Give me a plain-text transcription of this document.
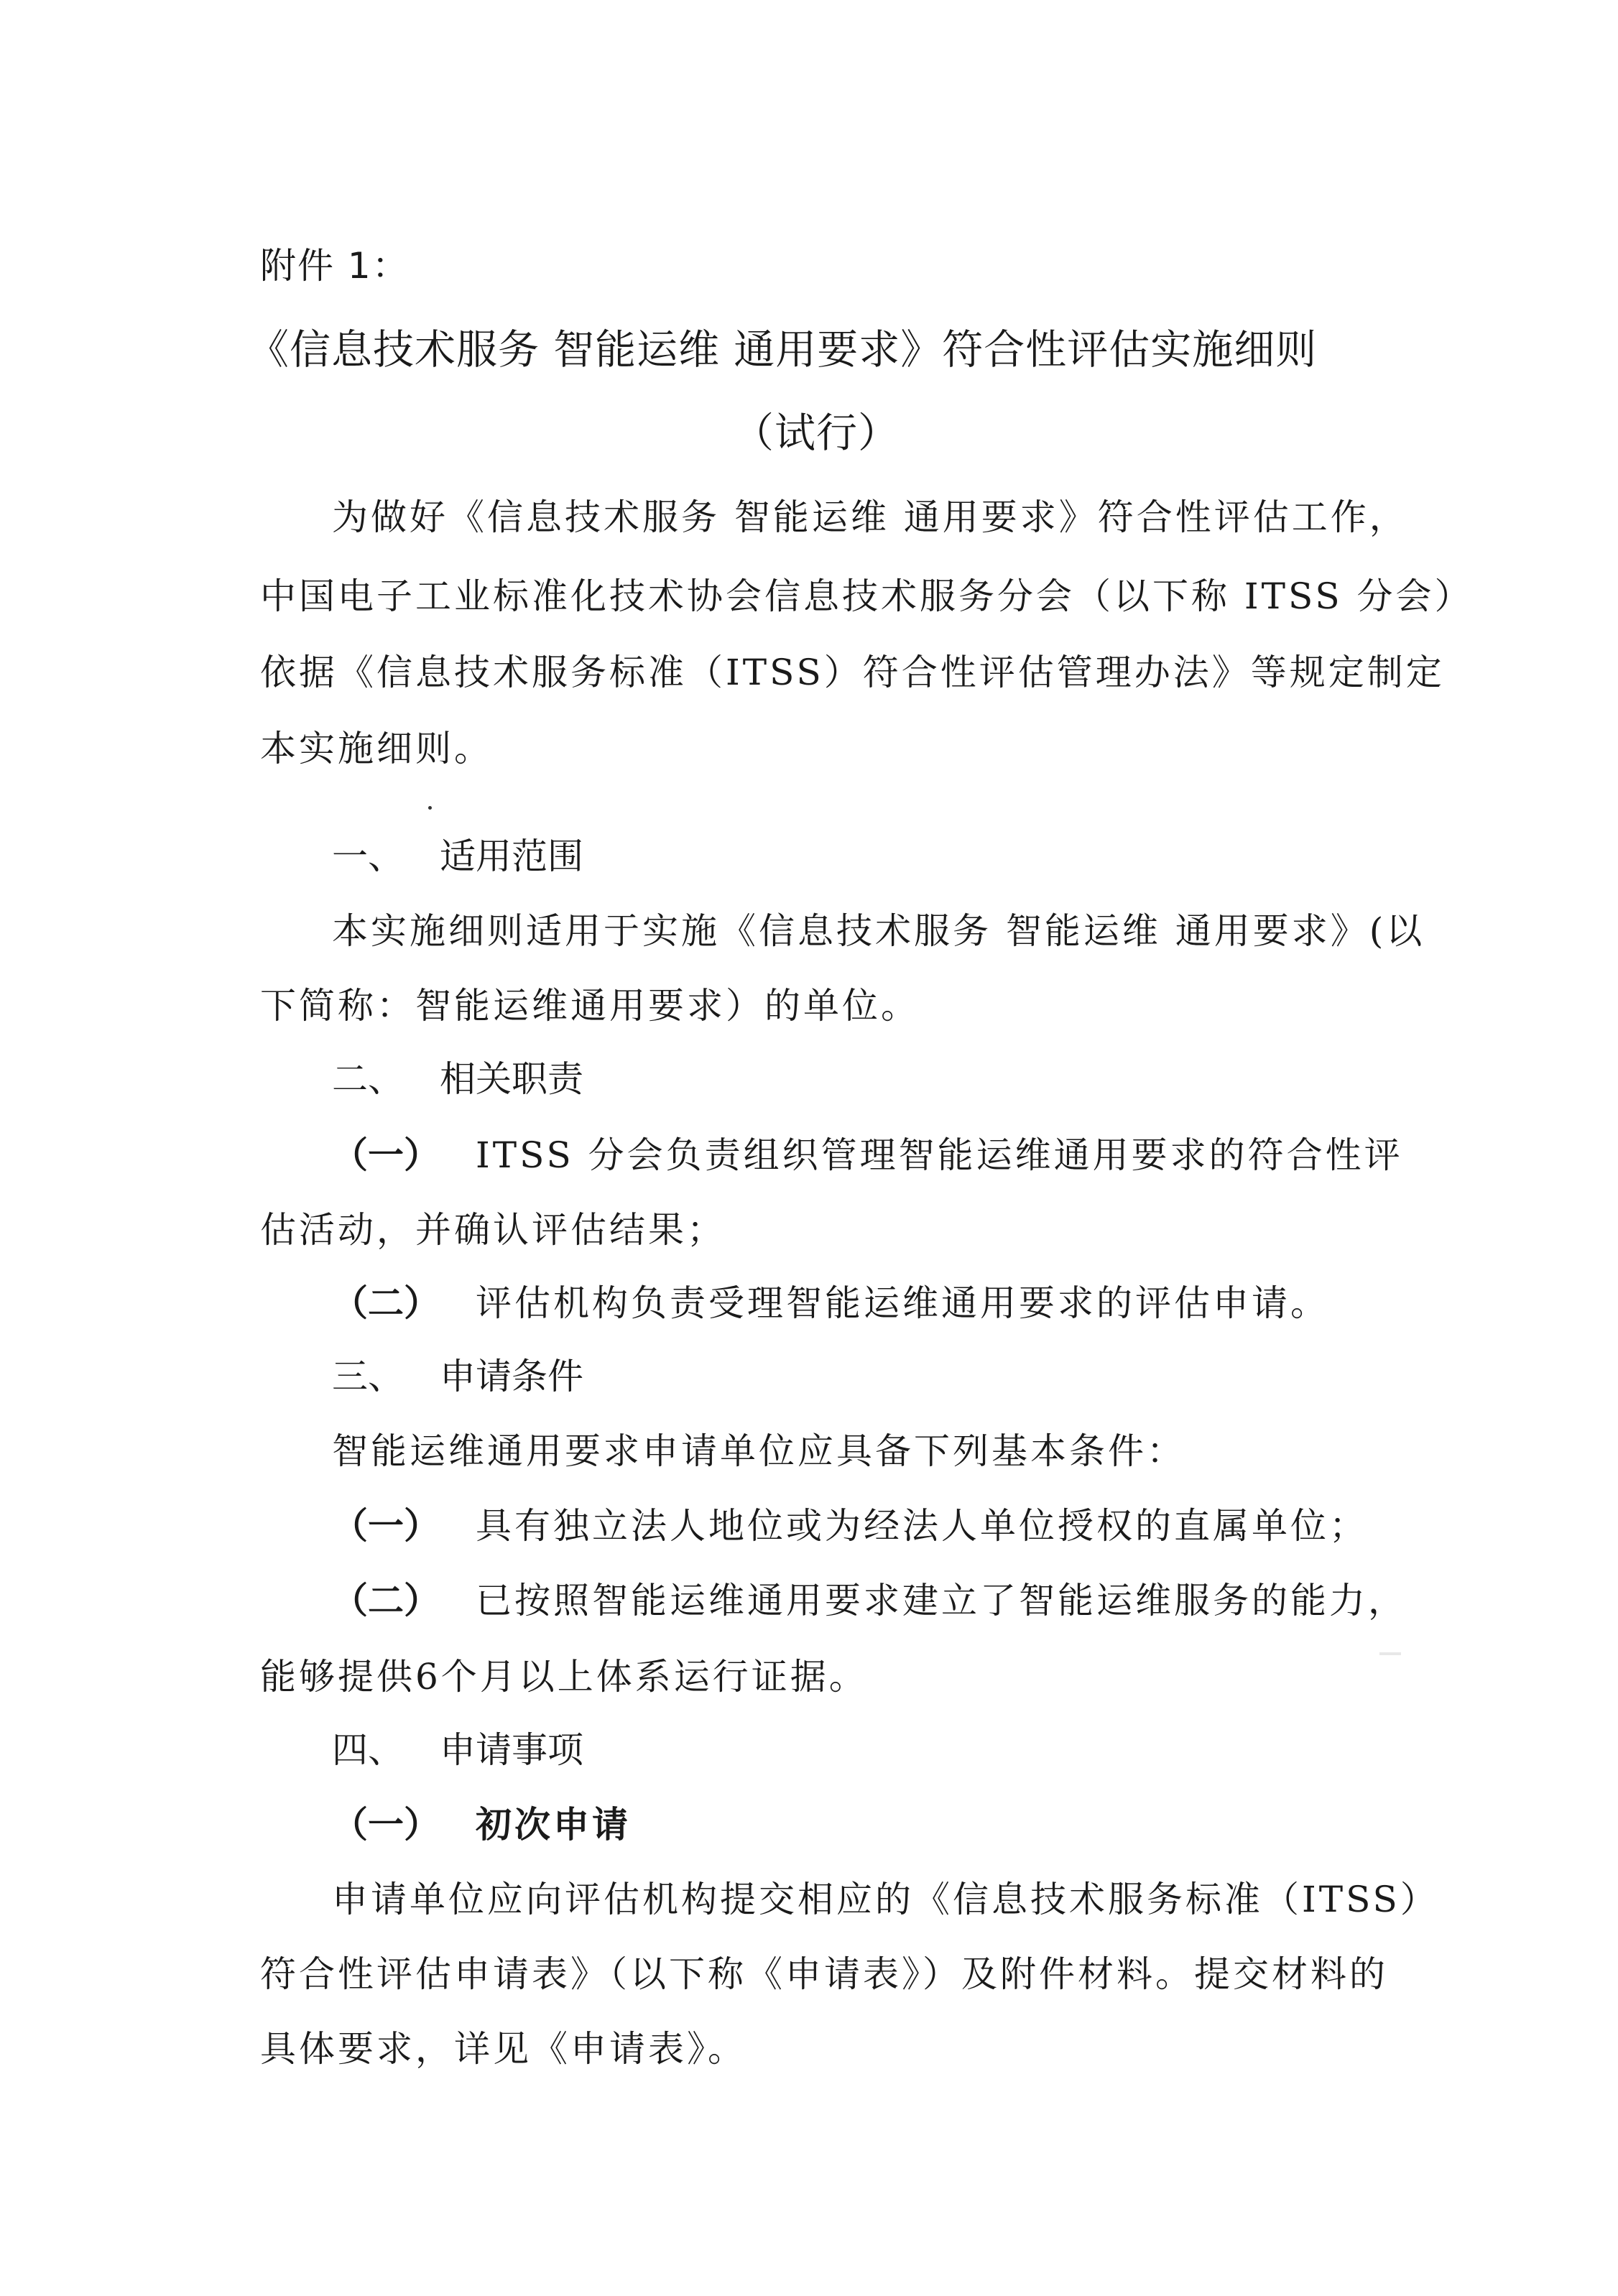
附件 1：
《信息技术服务 智能运维 通用要求》符合性评估实施细则
（试行）
为做好《信息技术服务 智能运维 通用要求》符合性评估工作，
中国电子工业标准化技术协会信息技术服务分会（以下称 ITSS 分会）
依据《信息技术服务标准（ITSS）符合性评估管理办法》等规定制定
本实施细则。
一、 适用范围
本实施细则适用于实施《信息技术服务 智能运维 通用要求》(以
下简称：智能运维通用要求）的单位。
二、 相关职责
（一） ITSS 分会负责组织管理智能运维通用要求的符合性评
估活动，并确认评估结果；
（二） 评估机构负责受理智能运维通用要求的评估申请。
三、 申请条件
智能运维通用要求申请单位应具备下列基本条件：
（一） 具有独立法人地位或为经法人单位授权的直属单位；
（二） 已按照智能运维通用要求建立了智能运维服务的能力，
能够提供6个月以上体系运行证据。
四、 申请事项
（一） 初次申请
申请单位应向评估机构提交相应的《信息技术服务标准（ITSS）
符合性评估申请表》（以下称《申请表》）及附件材料。提交材料的
具体要求，详见《申请表》。
